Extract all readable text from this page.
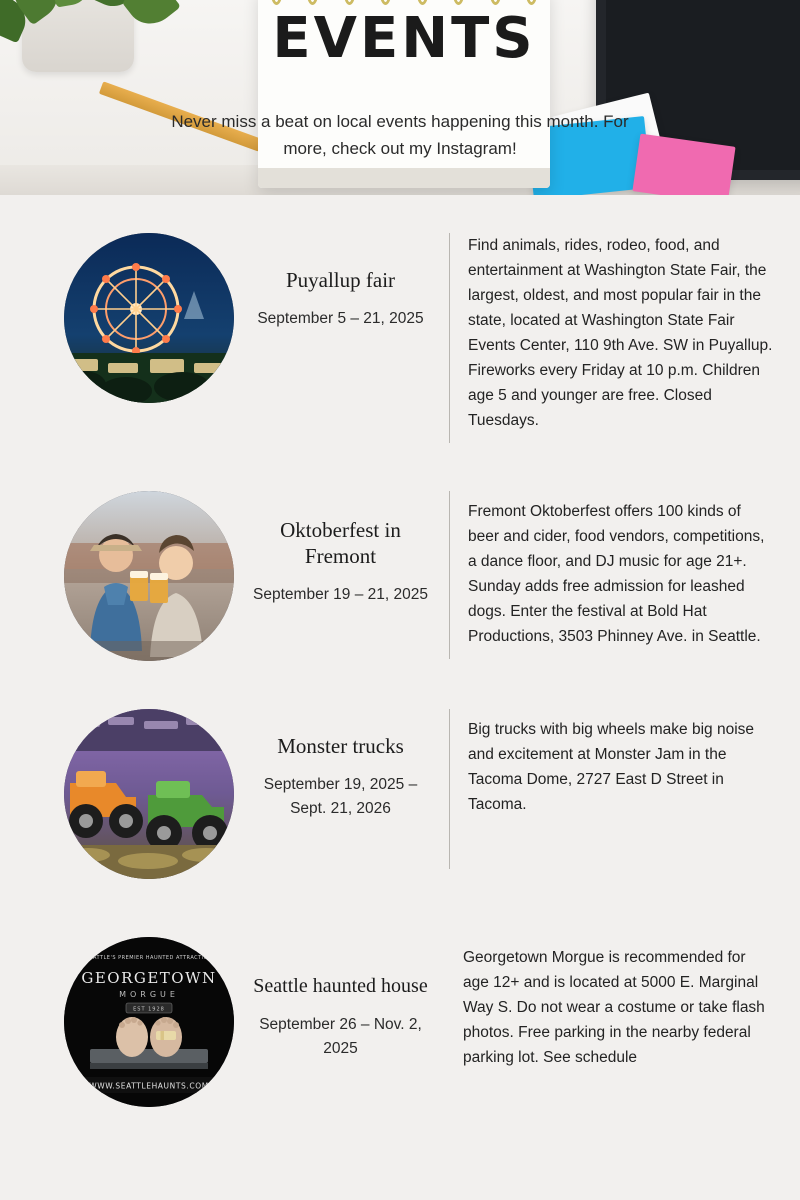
EVENTS
Never miss a beat on local events happening this month. For more, check out my Instagram!
Puyallup fair
September 5 – 21, 2025
Find animals, rides, rodeo, food, and entertainment at Washington State Fair, the largest, oldest, and most popular fair in the state, located at Washington State Fair Events Center, 110 9th Ave. SW in Puyallup. Fireworks every Friday at 10 p.m. Children age 5 and younger are free. Closed Tuesdays.
Oktoberfest in Fremont
September 19 – 21, 2025
Fremont Oktoberfest offers 100 kinds of beer and cider, food vendors, competitions, a dance floor, and DJ music for age 21+. Sunday adds free admission for leashed dogs. Enter the festival at Bold Hat Productions, 3503 Phinney Ave. in Seattle.
Monster trucks
September 19, 2025 – Sept. 21, 2026
Big trucks with big wheels make big noise and excitement at Monster Jam in the Tacoma Dome, 2727 East D Street in Tacoma.
SEATTLE'S PREMIER HAUNTED ATTRACTION
GEORGETOWN
MORGUE
EST 1928
WWW.SEATTLEHAUNTS.COM
Seattle haunted house
September 26 – Nov. 2, 2025
Georgetown Morgue is recommended for age 12+ and is located at 5000 E. Marginal Way S. Do not wear a costume or take flash photos. Free parking in the nearby federal parking lot. See schedule
